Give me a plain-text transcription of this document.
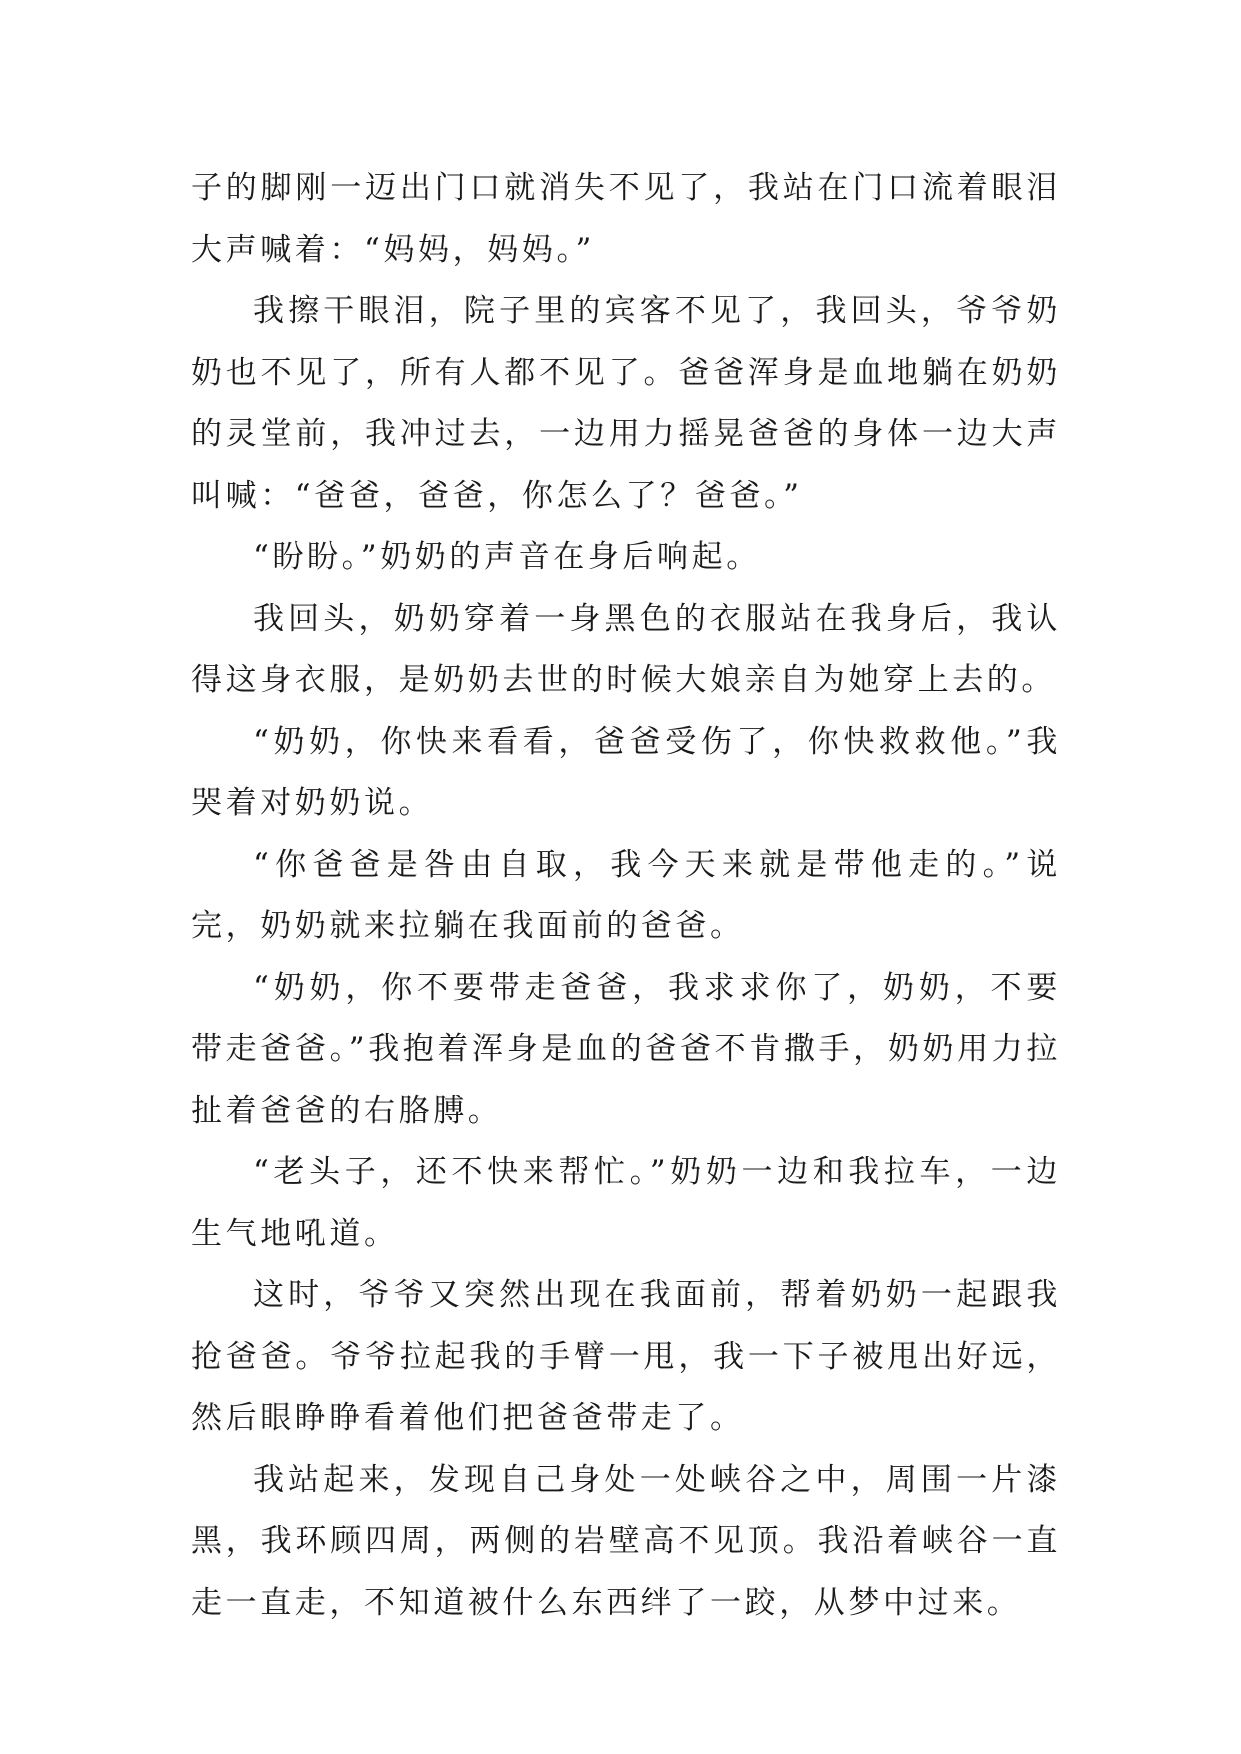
子的脚刚一迈出门口就消失不见了，我站在门口流着眼泪大声喊着：“妈妈，妈妈。”

我擦干眼泪，院子里的宾客不见了，我回头，爷爷奶奶也不见了，所有人都不见了。爸爸浑身是血地躺在奶奶的灵堂前，我冲过去，一边用力摇晃爸爸的身体一边大声叫喊：“爸爸，爸爸，你怎么了？爸爸。”

“盼盼。”奶奶的声音在身后响起。

我回头，奶奶穿着一身黑色的衣服站在我身后，我认得这身衣服，是奶奶去世的时候大娘亲自为她穿上去的。

“奶奶，你快来看看，爸爸受伤了，你快救救他。”我哭着对奶奶说。

“你爸爸是咎由自取，我今天来就是带他走的。”说完，奶奶就来拉躺在我面前的爸爸。

“奶奶，你不要带走爸爸，我求求你了，奶奶，不要带走爸爸。”我抱着浑身是血的爸爸不肯撒手，奶奶用力拉扯着爸爸的右胳膊。

“老头子，还不快来帮忙。”奶奶一边和我拉车，一边生气地吼道。

这时，爷爷又突然出现在我面前，帮着奶奶一起跟我抢爸爸。爷爷拉起我的手臂一甩，我一下子被甩出好远，然后眼睁睁看着他们把爸爸带走了。

我站起来，发现自己身处一处峡谷之中，周围一片漆黑，我环顾四周，两侧的岩壁高不见顶。我沿着峡谷一直走一直走，不知道被什么东西绊了一跤，从梦中过来。
